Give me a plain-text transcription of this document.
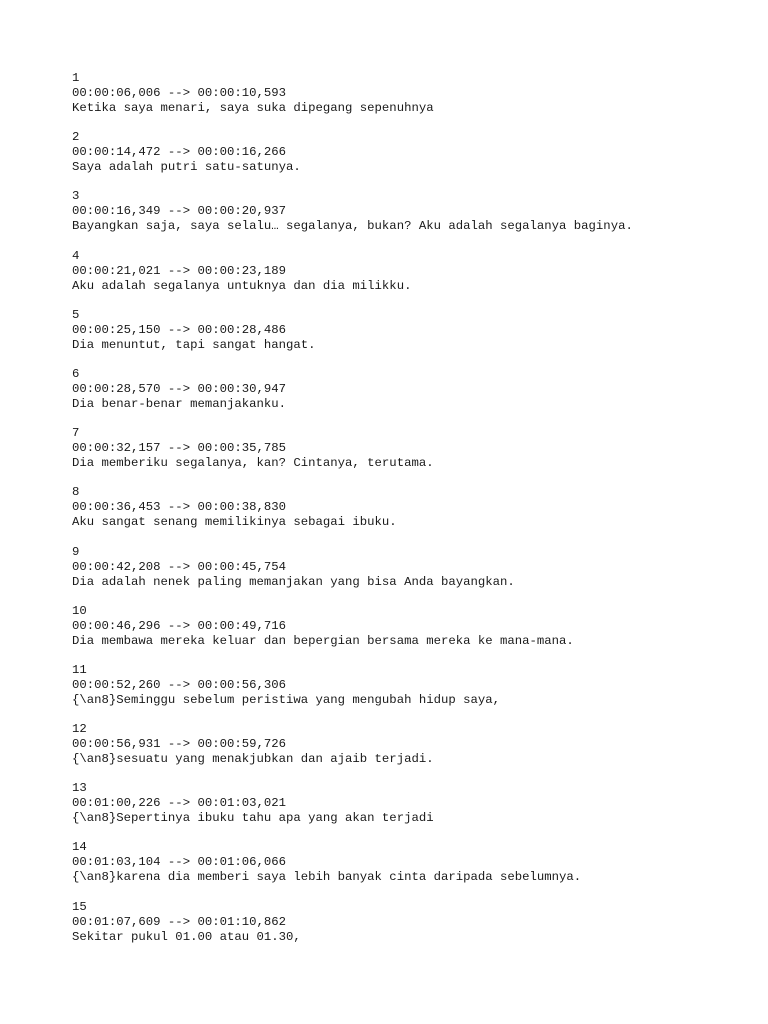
1
00:00:06,006 --> 00:00:10,593
Ketika saya menari, saya suka dipegang sepenuhnya
2
00:00:14,472 --> 00:00:16,266
Saya adalah putri satu-satunya.
3
00:00:16,349 --> 00:00:20,937
Bayangkan saja, saya selalu… segalanya, bukan? Aku adalah segalanya baginya.
4
00:00:21,021 --> 00:00:23,189
Aku adalah segalanya untuknya dan dia milikku.
5
00:00:25,150 --> 00:00:28,486
Dia menuntut, tapi sangat hangat.
6
00:00:28,570 --> 00:00:30,947
Dia benar-benar memanjakanku.
7
00:00:32,157 --> 00:00:35,785
Dia memberiku segalanya, kan? Cintanya, terutama.
8
00:00:36,453 --> 00:00:38,830
Aku sangat senang memilikinya sebagai ibuku.
9
00:00:42,208 --> 00:00:45,754
Dia adalah nenek paling memanjakan yang bisa Anda bayangkan.
10
00:00:46,296 --> 00:00:49,716
Dia membawa mereka keluar dan bepergian bersama mereka ke mana-mana.
11
00:00:52,260 --> 00:00:56,306
{\an8}Seminggu sebelum peristiwa yang mengubah hidup saya,
12
00:00:56,931 --> 00:00:59,726
{\an8}sesuatu yang menakjubkan dan ajaib terjadi.
13
00:01:00,226 --> 00:01:03,021
{\an8}Sepertinya ibuku tahu apa yang akan terjadi
14
00:01:03,104 --> 00:01:06,066
{\an8}karena dia memberi saya lebih banyak cinta daripada sebelumnya.
15
00:01:07,609 --> 00:01:10,862
Sekitar pukul 01.00 atau 01.30,
